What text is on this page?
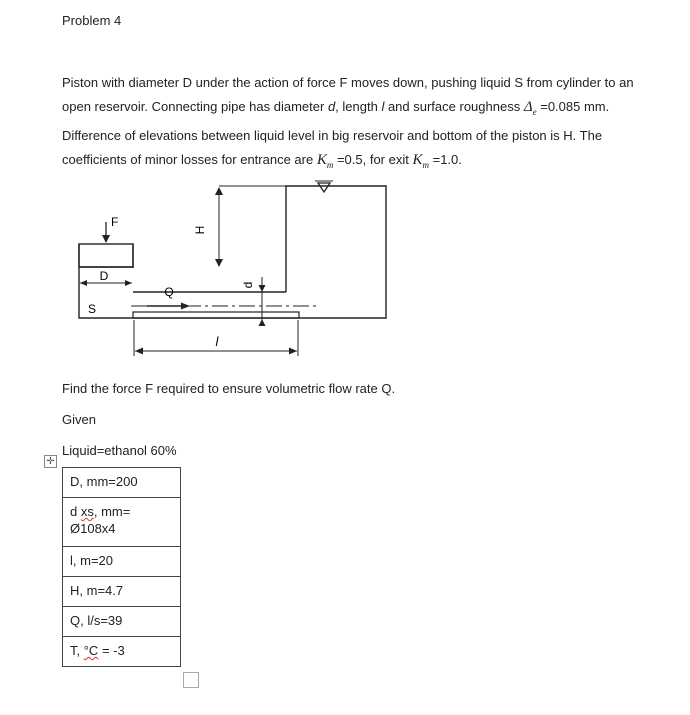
Problem 4

Piston with diameter D under the action of force F moves down, pushing liquid S from cylinder to an

open reservoir. Connecting pipe has diameter d, length l and surface roughness $\Delta_e =0.085$ mm.

Difference of elevations between liquid level in big reservoir and bottom of the piston is H. The

coefficients of minor losses for entrance are $K_m =0.5$, for exit $K_m =1.0$.

F
H
D
S
Q	d
l
Find the force F required to ensure volumetric flow rate Q.
Given
Liquid=ethanol 60%
✛
D, mm=200
d xs, mm=
Ø108x4
l, m=20
H, m=4.7
Q, l/s=39
T, °C = -3
